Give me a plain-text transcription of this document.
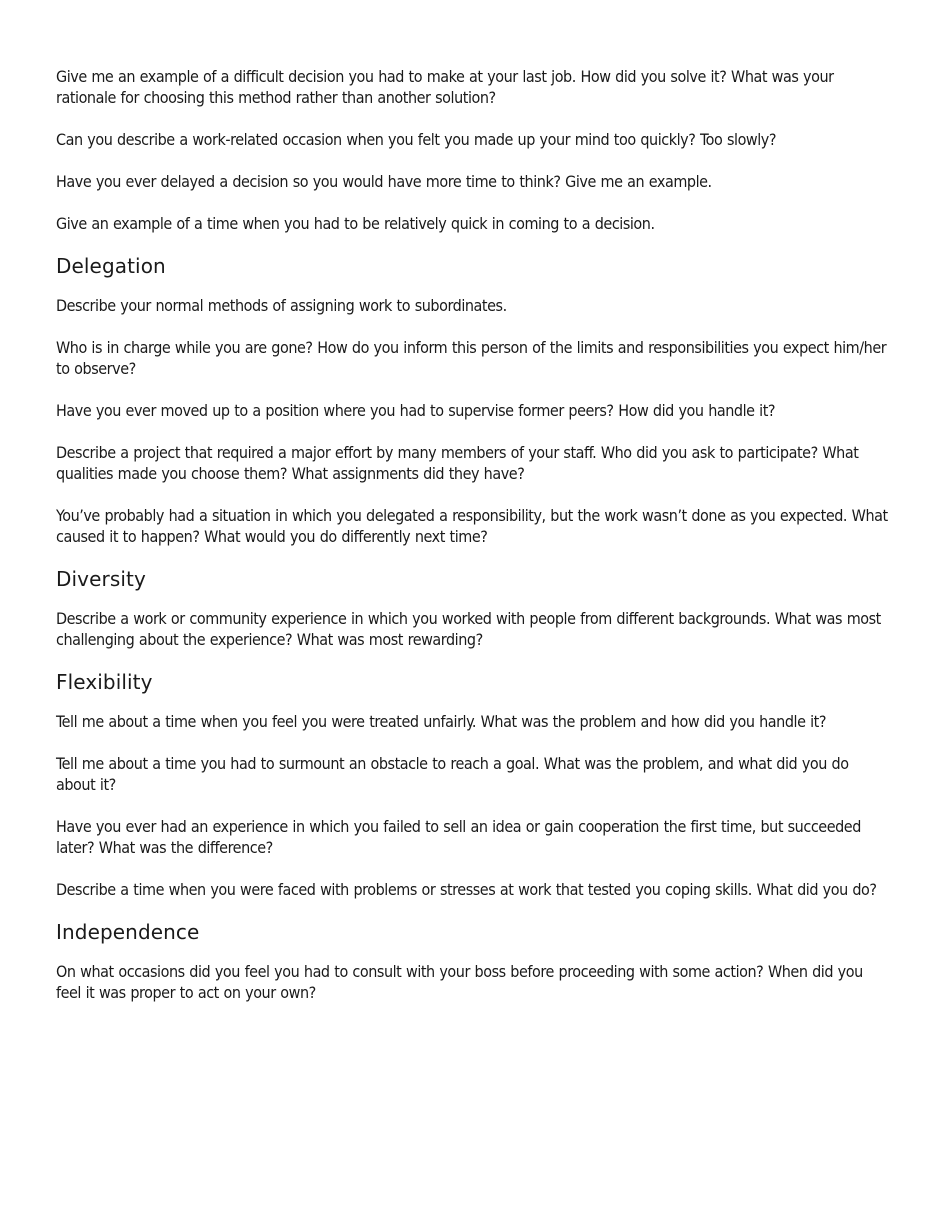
Give me an example of a difficult decision you had to make at your last job. How did you solve it? What was your rationale for choosing this method rather than another solution?

Can you describe a work-related occasion when you felt you made up your mind too quickly? Too slowly?

Have you ever delayed a decision so you would have more time to think? Give me an example.

Give an example of a time when you had to be relatively quick in coming to a decision.

Delegation

Describe your normal methods of assigning work to subordinates.

Who is in charge while you are gone? How do you inform this person of the limits and responsibilities you expect him/her to observe?

Have you ever moved up to a position where you had to supervise former peers? How did you handle it?

Describe a project that required a major effort by many members of your staff. Who did you ask to participate? What qualities made you choose them? What assignments did they have?

You’ve probably had a situation in which you delegated a responsibility, but the work wasn’t done as you expected. What caused it to happen? What would you do differently next time?

Diversity

Describe a work or community experience in which you worked with people from different backgrounds. What was most challenging about the experience? What was most rewarding?

Flexibility

Tell me about a time when you feel you were treated unfairly. What was the problem and how did you handle it?

Tell me about a time you had to surmount an obstacle to reach a goal. What was the problem, and what did you do about it?

Have you ever had an experience in which you failed to sell an idea or gain cooperation the first time, but succeeded later? What was the difference?

Describe a time when you were faced with problems or stresses at work that tested you coping skills. What did you do?

Independence

On what occasions did you feel you had to consult with your boss before proceeding with some action? When did you feel it was proper to act on your own?
